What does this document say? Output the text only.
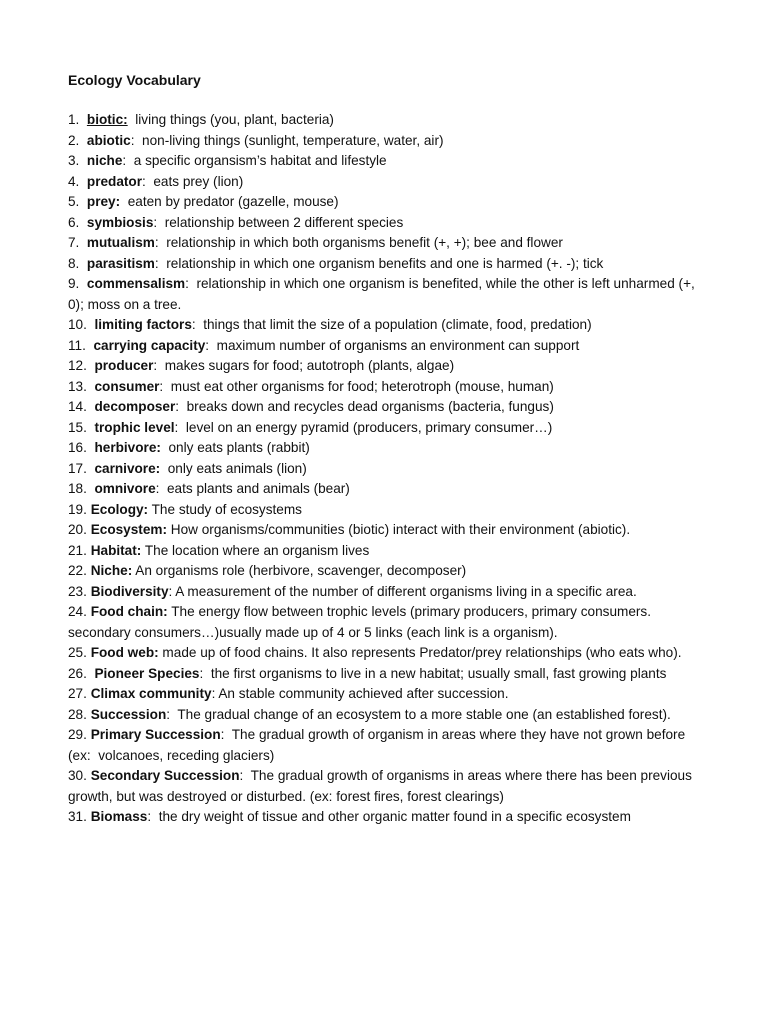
Ecology Vocabulary

1.  biotic:  living things (you, plant, bacteria)

2.  abiotic:  non-living things (sunlight, temperature, water, air)

3.  niche:  a specific organsism’s habitat and lifestyle

4.  predator:  eats prey (lion)

5.  prey:  eaten by predator (gazelle, mouse)

6.  symbiosis:  relationship between 2 different species

7.  mutualism:  relationship in which both organisms benefit (+, +); bee and flower

8.  parasitism:  relationship in which one organism benefits and one is harmed (+. -); tick

9.  commensalism:  relationship in which one organism is benefited, while the other is left unharmed (+, 0); moss on a tree.

10.  limiting factors:  things that limit the size of a population (climate, food, predation)

11.  carrying capacity:  maximum number of organisms an environment can support

12.  producer:  makes sugars for food; autotroph (plants, algae)

13.  consumer:  must eat other organisms for food; heterotroph (mouse, human)

14.  decomposer:  breaks down and recycles dead organisms (bacteria, fungus)

15.  trophic level:  level on an energy pyramid (producers, primary consumer…)

16.  herbivore:  only eats plants (rabbit)

17.  carnivore:  only eats animals (lion)

18.  omnivore:  eats plants and animals (bear)

19. Ecology: The study of ecosystems

20. Ecosystem: How organisms/communities (biotic) interact with their environment (abiotic).

21. Habitat: The location where an organism lives

22. Niche: An organisms role (herbivore, scavenger, decomposer)

23. Biodiversity: A measurement of the number of different organisms living in a specific area.

24. Food chain: The energy flow between trophic levels (primary producers, primary consumers. secondary consumers…)usually made up of 4 or 5 links (each link is a organism).

25. Food web: made up of food chains. It also represents Predator/prey relationships (who eats who).

26.  Pioneer Species:  the first organisms to live in a new habitat; usually small, fast growing plants

27. Climax community: An stable community achieved after succession.

28. Succession:  The gradual change of an ecosystem to a more stable one (an established forest).

29. Primary Succession:  The gradual growth of organism in areas where they have not grown before (ex:  volcanoes, receding glaciers)

30. Secondary Succession:  The gradual growth of organisms in areas where there has been previous growth, but was destroyed or disturbed. (ex: forest fires, forest clearings)

31. Biomass:  the dry weight of tissue and other organic matter found in a specific ecosystem
